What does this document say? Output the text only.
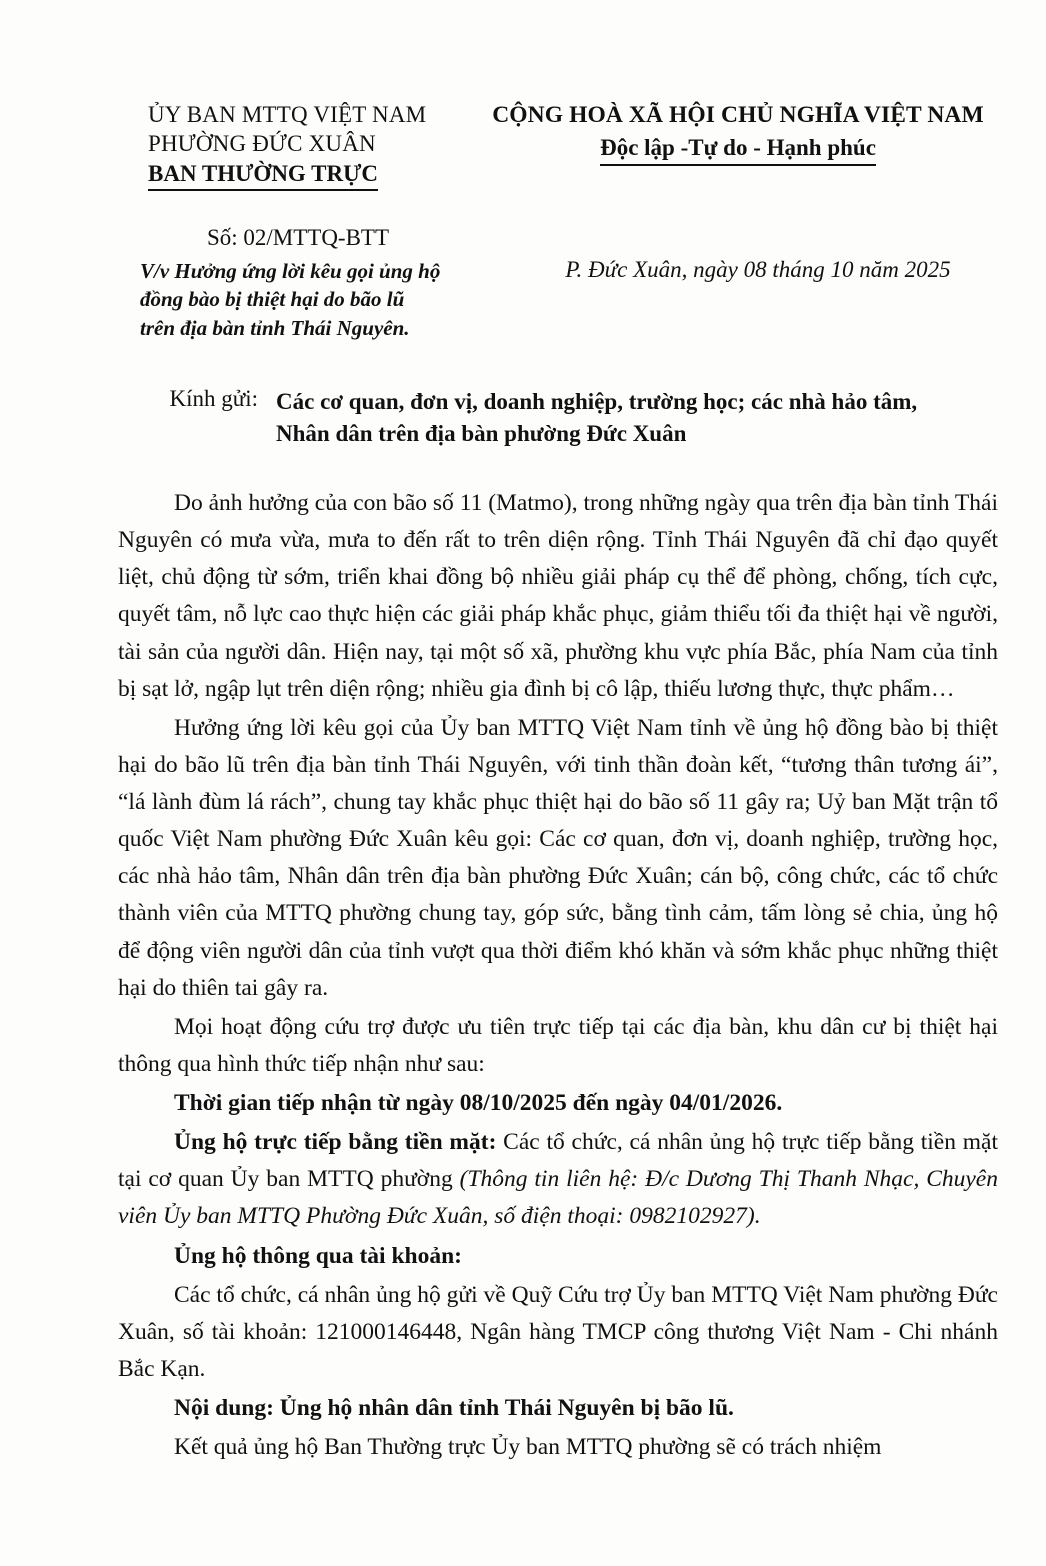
ỦY BAN MTTQ VIỆT NAM
PHƯỜNG ĐỨC XUÂN
BAN THƯỜNG TRỰC
CỘNG HOÀ XÃ HỘI CHỦ NGHĨA VIỆT NAM
Độc lập -Tự do - Hạnh phúc
Số: 02/MTTQ-BTT
V/v Hưởng ứng lời kêu gọi ủng hộ
đồng bào bị thiệt hại do bão lũ
trên địa bàn tỉnh Thái Nguyên.
P. Đức Xuân, ngày 08 tháng 10 năm 2025
Kính gửi: Các cơ quan, đơn vị, doanh nghiệp, trường học; các nhà hảo tâm,
Nhân dân trên địa bàn phường Đức Xuân

Do ảnh hưởng của con bão số 11 (Matmo), trong những ngày qua trên địa bàn tỉnh Thái Nguyên có mưa vừa, mưa to đến rất to trên diện rộng. Tỉnh Thái Nguyên đã chỉ đạo quyết liệt, chủ động từ sớm, triển khai đồng bộ nhiều giải pháp cụ thể để phòng, chống, tích cực, quyết tâm, nỗ lực cao thực hiện các giải pháp khắc phục, giảm thiểu tối đa thiệt hại về người, tài sản của người dân. Hiện nay, tại một số xã, phường khu vực phía Bắc, phía Nam của tỉnh bị sạt lở, ngập lụt trên diện rộng; nhiều gia đình bị cô lập, thiếu lương thực, thực phẩm…

Hưởng ứng lời kêu gọi của Ủy ban MTTQ Việt Nam tỉnh về ủng hộ đồng bào bị thiệt hại do bão lũ trên địa bàn tỉnh Thái Nguyên, với tinh thần đoàn kết, “tương thân tương ái”, “lá lành đùm lá rách”, chung tay khắc phục thiệt hại do bão số 11 gây ra; Uỷ ban Mặt trận tổ quốc Việt Nam phường Đức Xuân kêu gọi: Các cơ quan, đơn vị, doanh nghiệp, trường học, các nhà hảo tâm, Nhân dân trên địa bàn phường Đức Xuân; cán bộ, công chức, các tổ chức thành viên của MTTQ phường chung tay, góp sức, bằng tình cảm, tấm lòng sẻ chia, ủng hộ để động viên người dân của tỉnh vượt qua thời điểm khó khăn và sớm khắc phục những thiệt hại do thiên tai gây ra.

Mọi hoạt động cứu trợ được ưu tiên trực tiếp tại các địa bàn, khu dân cư bị thiệt hại thông qua hình thức tiếp nhận như sau:

Thời gian tiếp nhận từ ngày 08/10/2025 đến ngày 04/01/2026.

Ủng hộ trực tiếp bằng tiền mặt: Các tổ chức, cá nhân ủng hộ trực tiếp bằng tiền mặt tại cơ quan Ủy ban MTTQ phường (Thông tin liên hệ: Đ/c Dương Thị Thanh Nhạc, Chuyên viên Ủy ban MTTQ Phường Đức Xuân, số điện thoại: 0982102927).

Ủng hộ thông qua tài khoản:

Các tổ chức, cá nhân ủng hộ gửi về Quỹ Cứu trợ Ủy ban MTTQ Việt Nam phường Đức Xuân, số tài khoản: 121000146448, Ngân hàng TMCP công thương Việt Nam - Chi nhánh Bắc Kạn.

Nội dung: Ủng hộ nhân dân tỉnh Thái Nguyên bị bão lũ.

Kết quả ủng hộ Ban Thường trực Ủy ban MTTQ phường sẽ có trách nhiệm
